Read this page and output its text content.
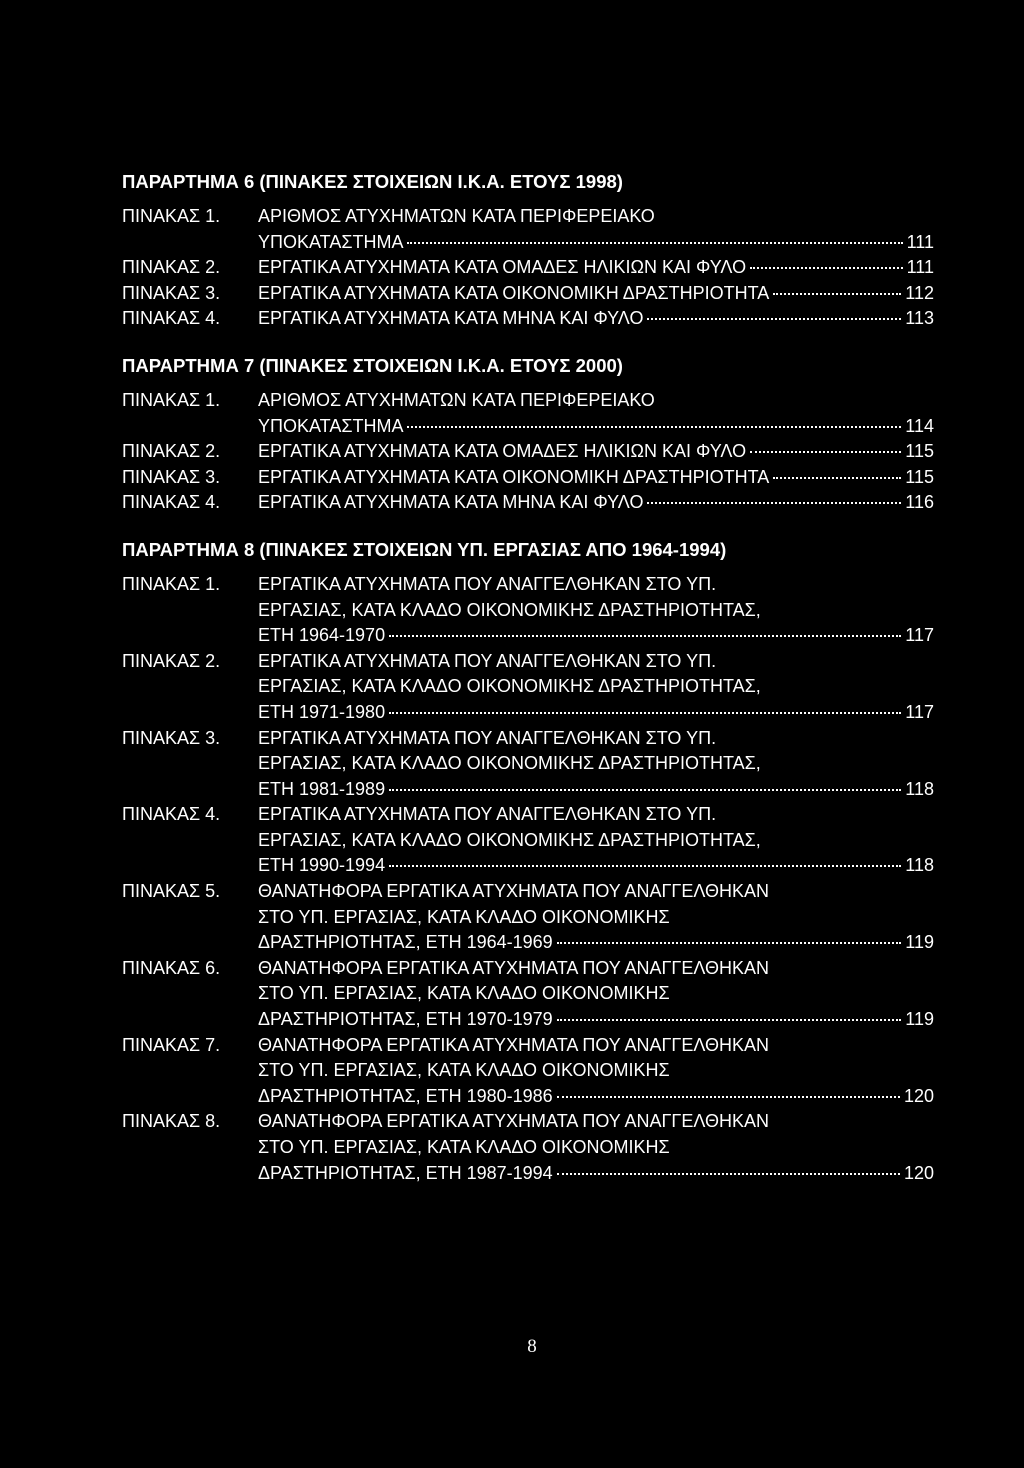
ΠΑΡΑΡΤΗΜΑ 6 (ΠΙΝΑΚΕΣ ΣΤΟΙΧΕΙΩΝ Ι.Κ.Α. ΕΤΟΥΣ 1998)
ΠΙΝΑΚΑΣ 1.	ΑΡΙΘΜΟΣ ΑΤΥΧΗΜΑΤΩΝ ΚΑΤΑ ΠΕΡΙΦΕΡΕΙΑΚΟ
ΥΠΟΚΑΤΑΣΤΗΜΑ	111
ΠΙΝΑΚΑΣ 2.	ΕΡΓΑΤΙΚΑ ΑΤΥΧΗΜΑΤΑ ΚΑΤΑ ΟΜΑΔΕΣ ΗΛΙΚΙΩΝ ΚΑΙ ΦΥΛΟ	111
ΠΙΝΑΚΑΣ 3.	ΕΡΓΑΤΙΚΑ ΑΤΥΧΗΜΑΤΑ ΚΑΤΑ ΟΙΚΟΝΟΜΙΚΗ ΔΡΑΣΤΗΡΙΟΤΗΤΑ	112
ΠΙΝΑΚΑΣ 4.	ΕΡΓΑΤΙΚΑ ΑΤΥΧΗΜΑΤΑ ΚΑΤΑ ΜΗΝΑ ΚΑΙ ΦΥΛΟ	113
ΠΑΡΑΡΤΗΜΑ 7 (ΠΙΝΑΚΕΣ ΣΤΟΙΧΕΙΩΝ Ι.Κ.Α. ΕΤΟΥΣ 2000)
ΠΙΝΑΚΑΣ 1.	ΑΡΙΘΜΟΣ ΑΤΥΧΗΜΑΤΩΝ ΚΑΤΑ ΠΕΡΙΦΕΡΕΙΑΚΟ
ΥΠΟΚΑΤΑΣΤΗΜΑ	114
ΠΙΝΑΚΑΣ 2.	ΕΡΓΑΤΙΚΑ ΑΤΥΧΗΜΑΤΑ ΚΑΤΑ ΟΜΑΔΕΣ ΗΛΙΚΙΩΝ ΚΑΙ ΦΥΛΟ	115
ΠΙΝΑΚΑΣ 3.	ΕΡΓΑΤΙΚΑ ΑΤΥΧΗΜΑΤΑ ΚΑΤΑ ΟΙΚΟΝΟΜΙΚΗ ΔΡΑΣΤΗΡΙΟΤΗΤΑ	115
ΠΙΝΑΚΑΣ 4.	ΕΡΓΑΤΙΚΑ ΑΤΥΧΗΜΑΤΑ ΚΑΤΑ ΜΗΝΑ ΚΑΙ ΦΥΛΟ	116
ΠΑΡΑΡΤΗΜΑ 8 (ΠΙΝΑΚΕΣ ΣΤΟΙΧΕΙΩΝ ΥΠ. ΕΡΓΑΣΙΑΣ ΑΠΟ 1964-1994)
ΠΙΝΑΚΑΣ 1.	ΕΡΓΑΤΙΚΑ ΑΤΥΧΗΜΑΤΑ ΠΟΥ ΑΝΑΓΓΕΛΘΗΚΑΝ ΣΤΟ ΥΠ.
ΕΡΓΑΣΙΑΣ, ΚΑΤΑ ΚΛΑΔΟ ΟΙΚΟΝΟΜΙΚΗΣ ΔΡΑΣΤΗΡΙΟΤΗΤΑΣ,
ΕΤΗ 1964-1970	117
ΠΙΝΑΚΑΣ 2.	ΕΡΓΑΤΙΚΑ ΑΤΥΧΗΜΑΤΑ ΠΟΥ ΑΝΑΓΓΕΛΘΗΚΑΝ ΣΤΟ ΥΠ.
ΕΡΓΑΣΙΑΣ, ΚΑΤΑ ΚΛΑΔΟ ΟΙΚΟΝΟΜΙΚΗΣ ΔΡΑΣΤΗΡΙΟΤΗΤΑΣ,
ΕΤΗ 1971-1980	117
ΠΙΝΑΚΑΣ 3.	ΕΡΓΑΤΙΚΑ ΑΤΥΧΗΜΑΤΑ ΠΟΥ ΑΝΑΓΓΕΛΘΗΚΑΝ ΣΤΟ ΥΠ.
ΕΡΓΑΣΙΑΣ, ΚΑΤΑ ΚΛΑΔΟ ΟΙΚΟΝΟΜΙΚΗΣ ΔΡΑΣΤΗΡΙΟΤΗΤΑΣ,
ΕΤΗ 1981-1989	118
ΠΙΝΑΚΑΣ 4.	ΕΡΓΑΤΙΚΑ ΑΤΥΧΗΜΑΤΑ ΠΟΥ ΑΝΑΓΓΕΛΘΗΚΑΝ ΣΤΟ ΥΠ.
ΕΡΓΑΣΙΑΣ, ΚΑΤΑ ΚΛΑΔΟ ΟΙΚΟΝΟΜΙΚΗΣ ΔΡΑΣΤΗΡΙΟΤΗΤΑΣ,
ΕΤΗ 1990-1994	118
ΠΙΝΑΚΑΣ 5.	ΘΑΝΑΤΗΦΟΡΑ ΕΡΓΑΤΙΚΑ ΑΤΥΧΗΜΑΤΑ ΠΟΥ ΑΝΑΓΓΕΛΘΗΚΑΝ
ΣΤΟ ΥΠ. ΕΡΓΑΣΙΑΣ, ΚΑΤΑ ΚΛΑΔΟ ΟΙΚΟΝΟΜΙΚΗΣ
ΔΡΑΣΤΗΡΙΟΤΗΤΑΣ, ΕΤΗ 1964-1969	119
ΠΙΝΑΚΑΣ 6.	ΘΑΝΑΤΗΦΟΡΑ ΕΡΓΑΤΙΚΑ ΑΤΥΧΗΜΑΤΑ ΠΟΥ ΑΝΑΓΓΕΛΘΗΚΑΝ
ΣΤΟ ΥΠ. ΕΡΓΑΣΙΑΣ, ΚΑΤΑ ΚΛΑΔΟ ΟΙΚΟΝΟΜΙΚΗΣ
ΔΡΑΣΤΗΡΙΟΤΗΤΑΣ, ΕΤΗ 1970-1979	119
ΠΙΝΑΚΑΣ 7.	ΘΑΝΑΤΗΦΟΡΑ ΕΡΓΑΤΙΚΑ ΑΤΥΧΗΜΑΤΑ ΠΟΥ ΑΝΑΓΓΕΛΘΗΚΑΝ
ΣΤΟ ΥΠ. ΕΡΓΑΣΙΑΣ, ΚΑΤΑ ΚΛΑΔΟ ΟΙΚΟΝΟΜΙΚΗΣ
ΔΡΑΣΤΗΡΙΟΤΗΤΑΣ, ΕΤΗ 1980-1986	120
ΠΙΝΑΚΑΣ 8.	ΘΑΝΑΤΗΦΟΡΑ ΕΡΓΑΤΙΚΑ ΑΤΥΧΗΜΑΤΑ ΠΟΥ ΑΝΑΓΓΕΛΘΗΚΑΝ
ΣΤΟ ΥΠ. ΕΡΓΑΣΙΑΣ, ΚΑΤΑ ΚΛΑΔΟ ΟΙΚΟΝΟΜΙΚΗΣ
ΔΡΑΣΤΗΡΙΟΤΗΤΑΣ, ΕΤΗ 1987-1994	120
8
